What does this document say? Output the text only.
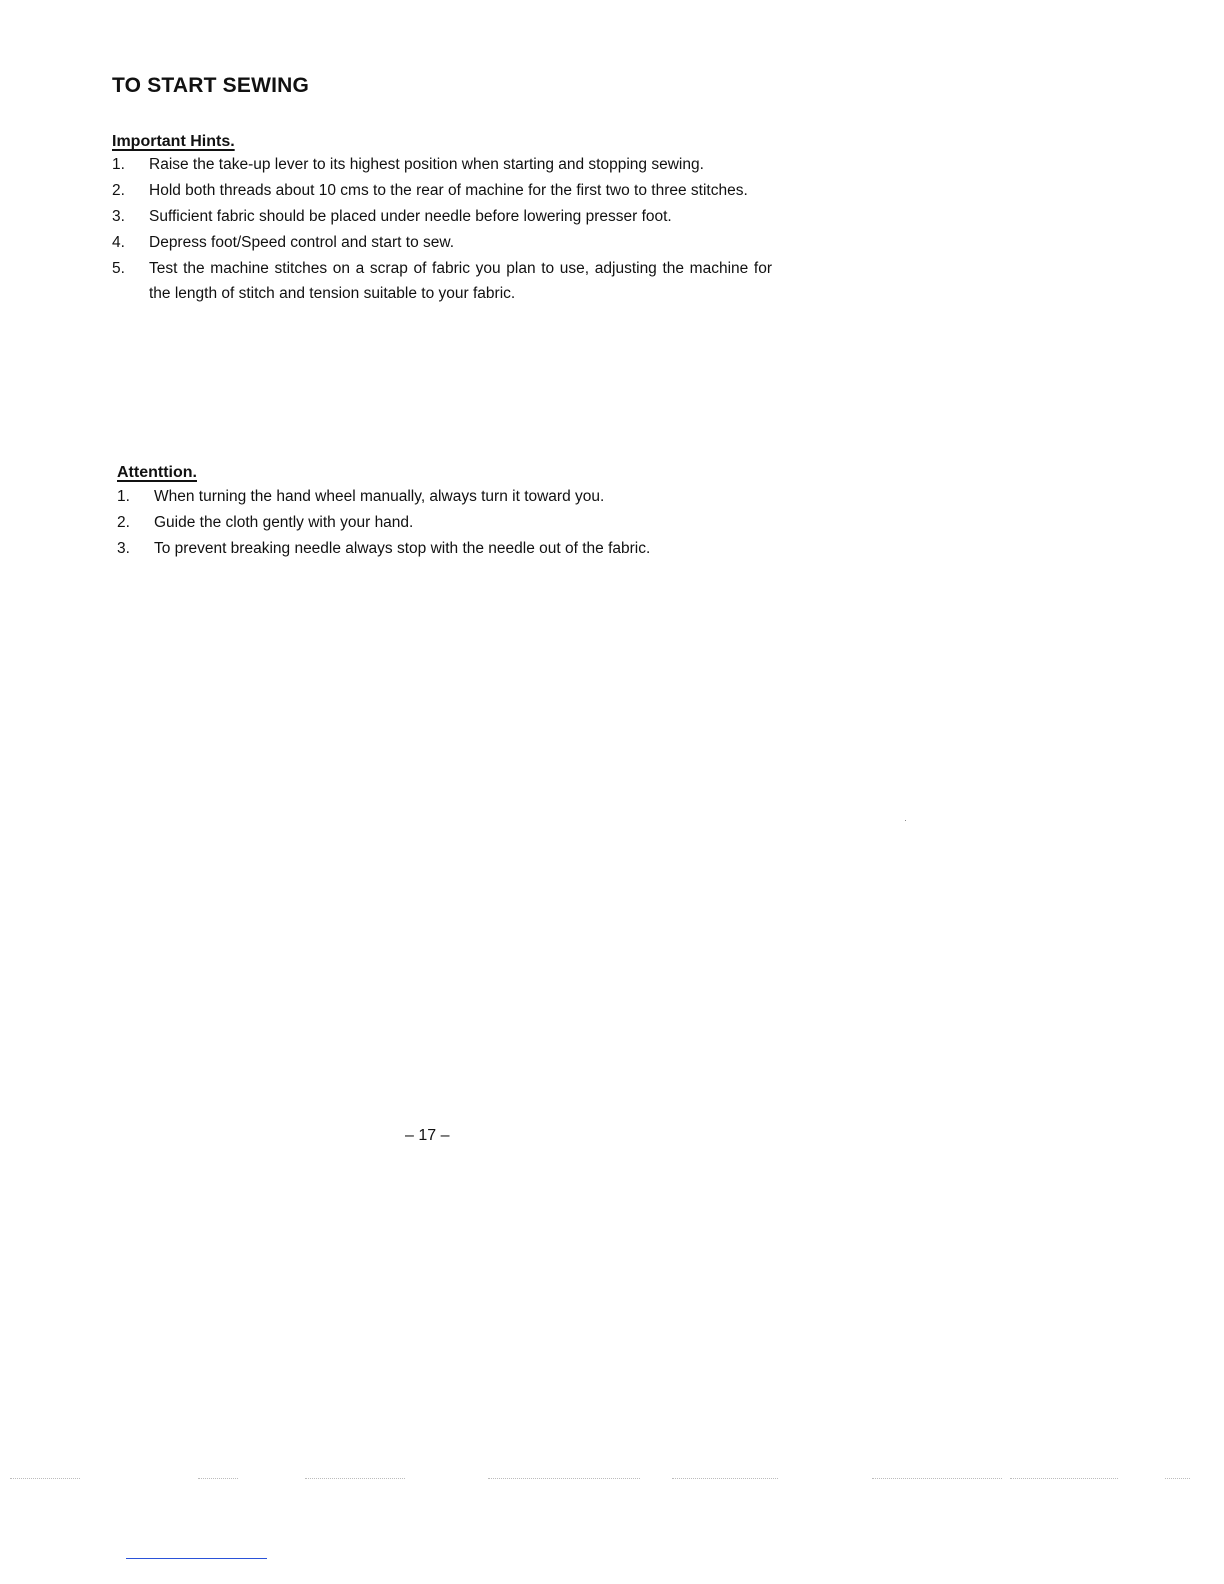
TO START SEWING
Important Hints.
1.	Raise the take-up lever to its highest position when starting and stopping sewing.
2.	Hold both threads about 10 cms to the rear of machine for the first two to three stitches.
3.	Sufficient fabric should be placed under needle before lowering presser foot.
4.	Depress foot/Speed control and start to sew.
5.	Test the machine stitches on a scrap of fabric you plan to use, adjusting the machine for the length of stitch and tension suitable to your fabric.
Attenttion.
1.	When turning the hand wheel manually, always turn it toward you.
2.	Guide the cloth gently with your hand.
3.	To prevent breaking needle always stop with the needle out of the fabric.
– 17 –
